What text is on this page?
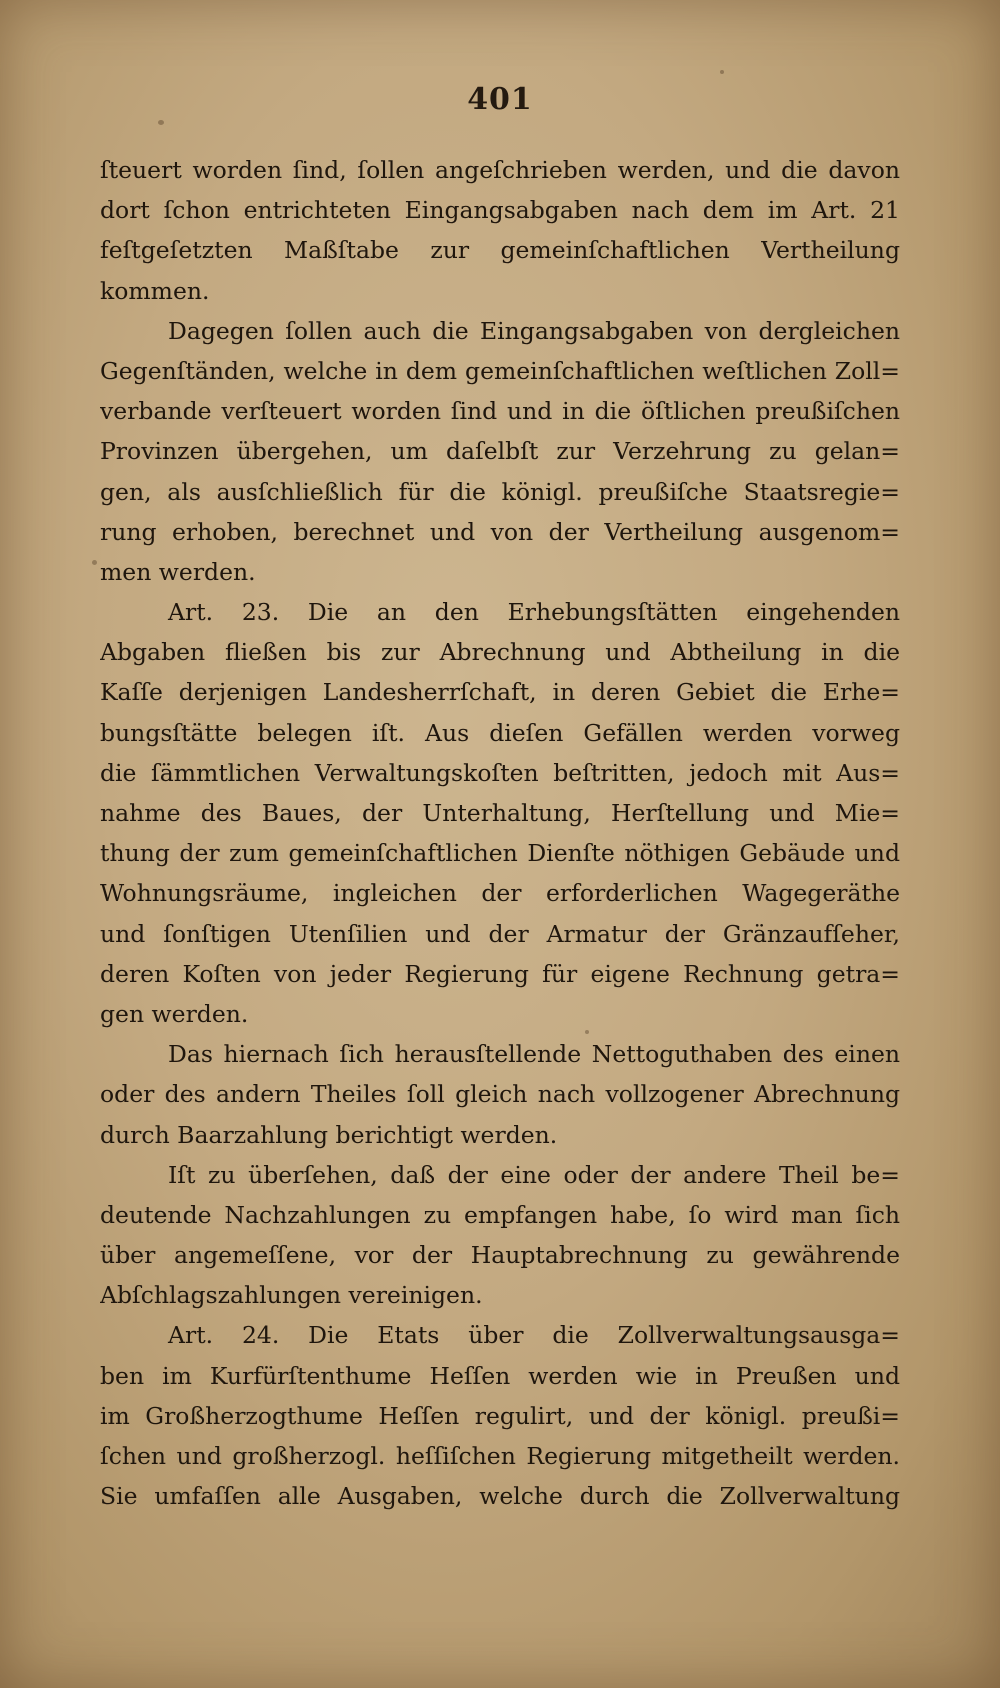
401
ſteuert worden ſind, ſollen angeſchrieben werden, und die davon
dort ſchon entrichteten Eingangsabgaben nach dem im Art. 21
feſtgeſetzten Maßſtabe zur gemeinſchaftlichen Vertheilung
kommen.
Dagegen ſollen auch die Eingangsabgaben von dergleichen
Gegenſtänden, welche in dem gemeinſchaftlichen weſtlichen Zoll=
verbande verſteuert worden ſind und in die öſtlichen preußiſchen
Provinzen übergehen, um daſelbſt zur Verzehrung zu gelan=
gen, als ausſchließlich für die königl. preußiſche Staatsregie=
rung erhoben, berechnet und von der Vertheilung ausgenom=
men werden.
Art. 23. Die an den Erhebungsſtätten eingehenden
Abgaben fließen bis zur Abrechnung und Abtheilung in die
Kaſſe derjenigen Landesherrſchaft, in deren Gebiet die Erhe=
bungsſtätte belegen iſt. Aus dieſen Gefällen werden vorweg
die ſämmtlichen Verwaltungskoſten beſtritten, jedoch mit Aus=
nahme des Baues, der Unterhaltung, Herſtellung und Mie=
thung der zum gemeinſchaftlichen Dienſte nöthigen Gebäude und
Wohnungsräume, ingleichen der erforderlichen Wagegeräthe
und ſonſtigen Utenſilien und der Armatur der Gränzaufſeher,
deren Koſten von jeder Regierung für eigene Rechnung getra=
gen werden.
Das hiernach ſich herausſtellende Nettoguthaben des einen
oder des andern Theiles ſoll gleich nach vollzogener Abrechnung
durch Baarzahlung berichtigt werden.
Iſt zu überſehen, daß der eine oder der andere Theil be=
deutende Nachzahlungen zu empfangen habe, ſo wird man ſich
über angemeſſene, vor der Hauptabrechnung zu gewährende
Abſchlagszahlungen vereinigen.
Art. 24. Die Etats über die Zollverwaltungsausga=
ben im Kurfürſtenthume Heſſen werden wie in Preußen und
im Großherzogthume Heſſen regulirt, und der königl. preußi=
ſchen und großherzogl. heſſiſchen Regierung mitgetheilt werden.
Sie umfaſſen alle Ausgaben, welche durch die Zollverwaltung
